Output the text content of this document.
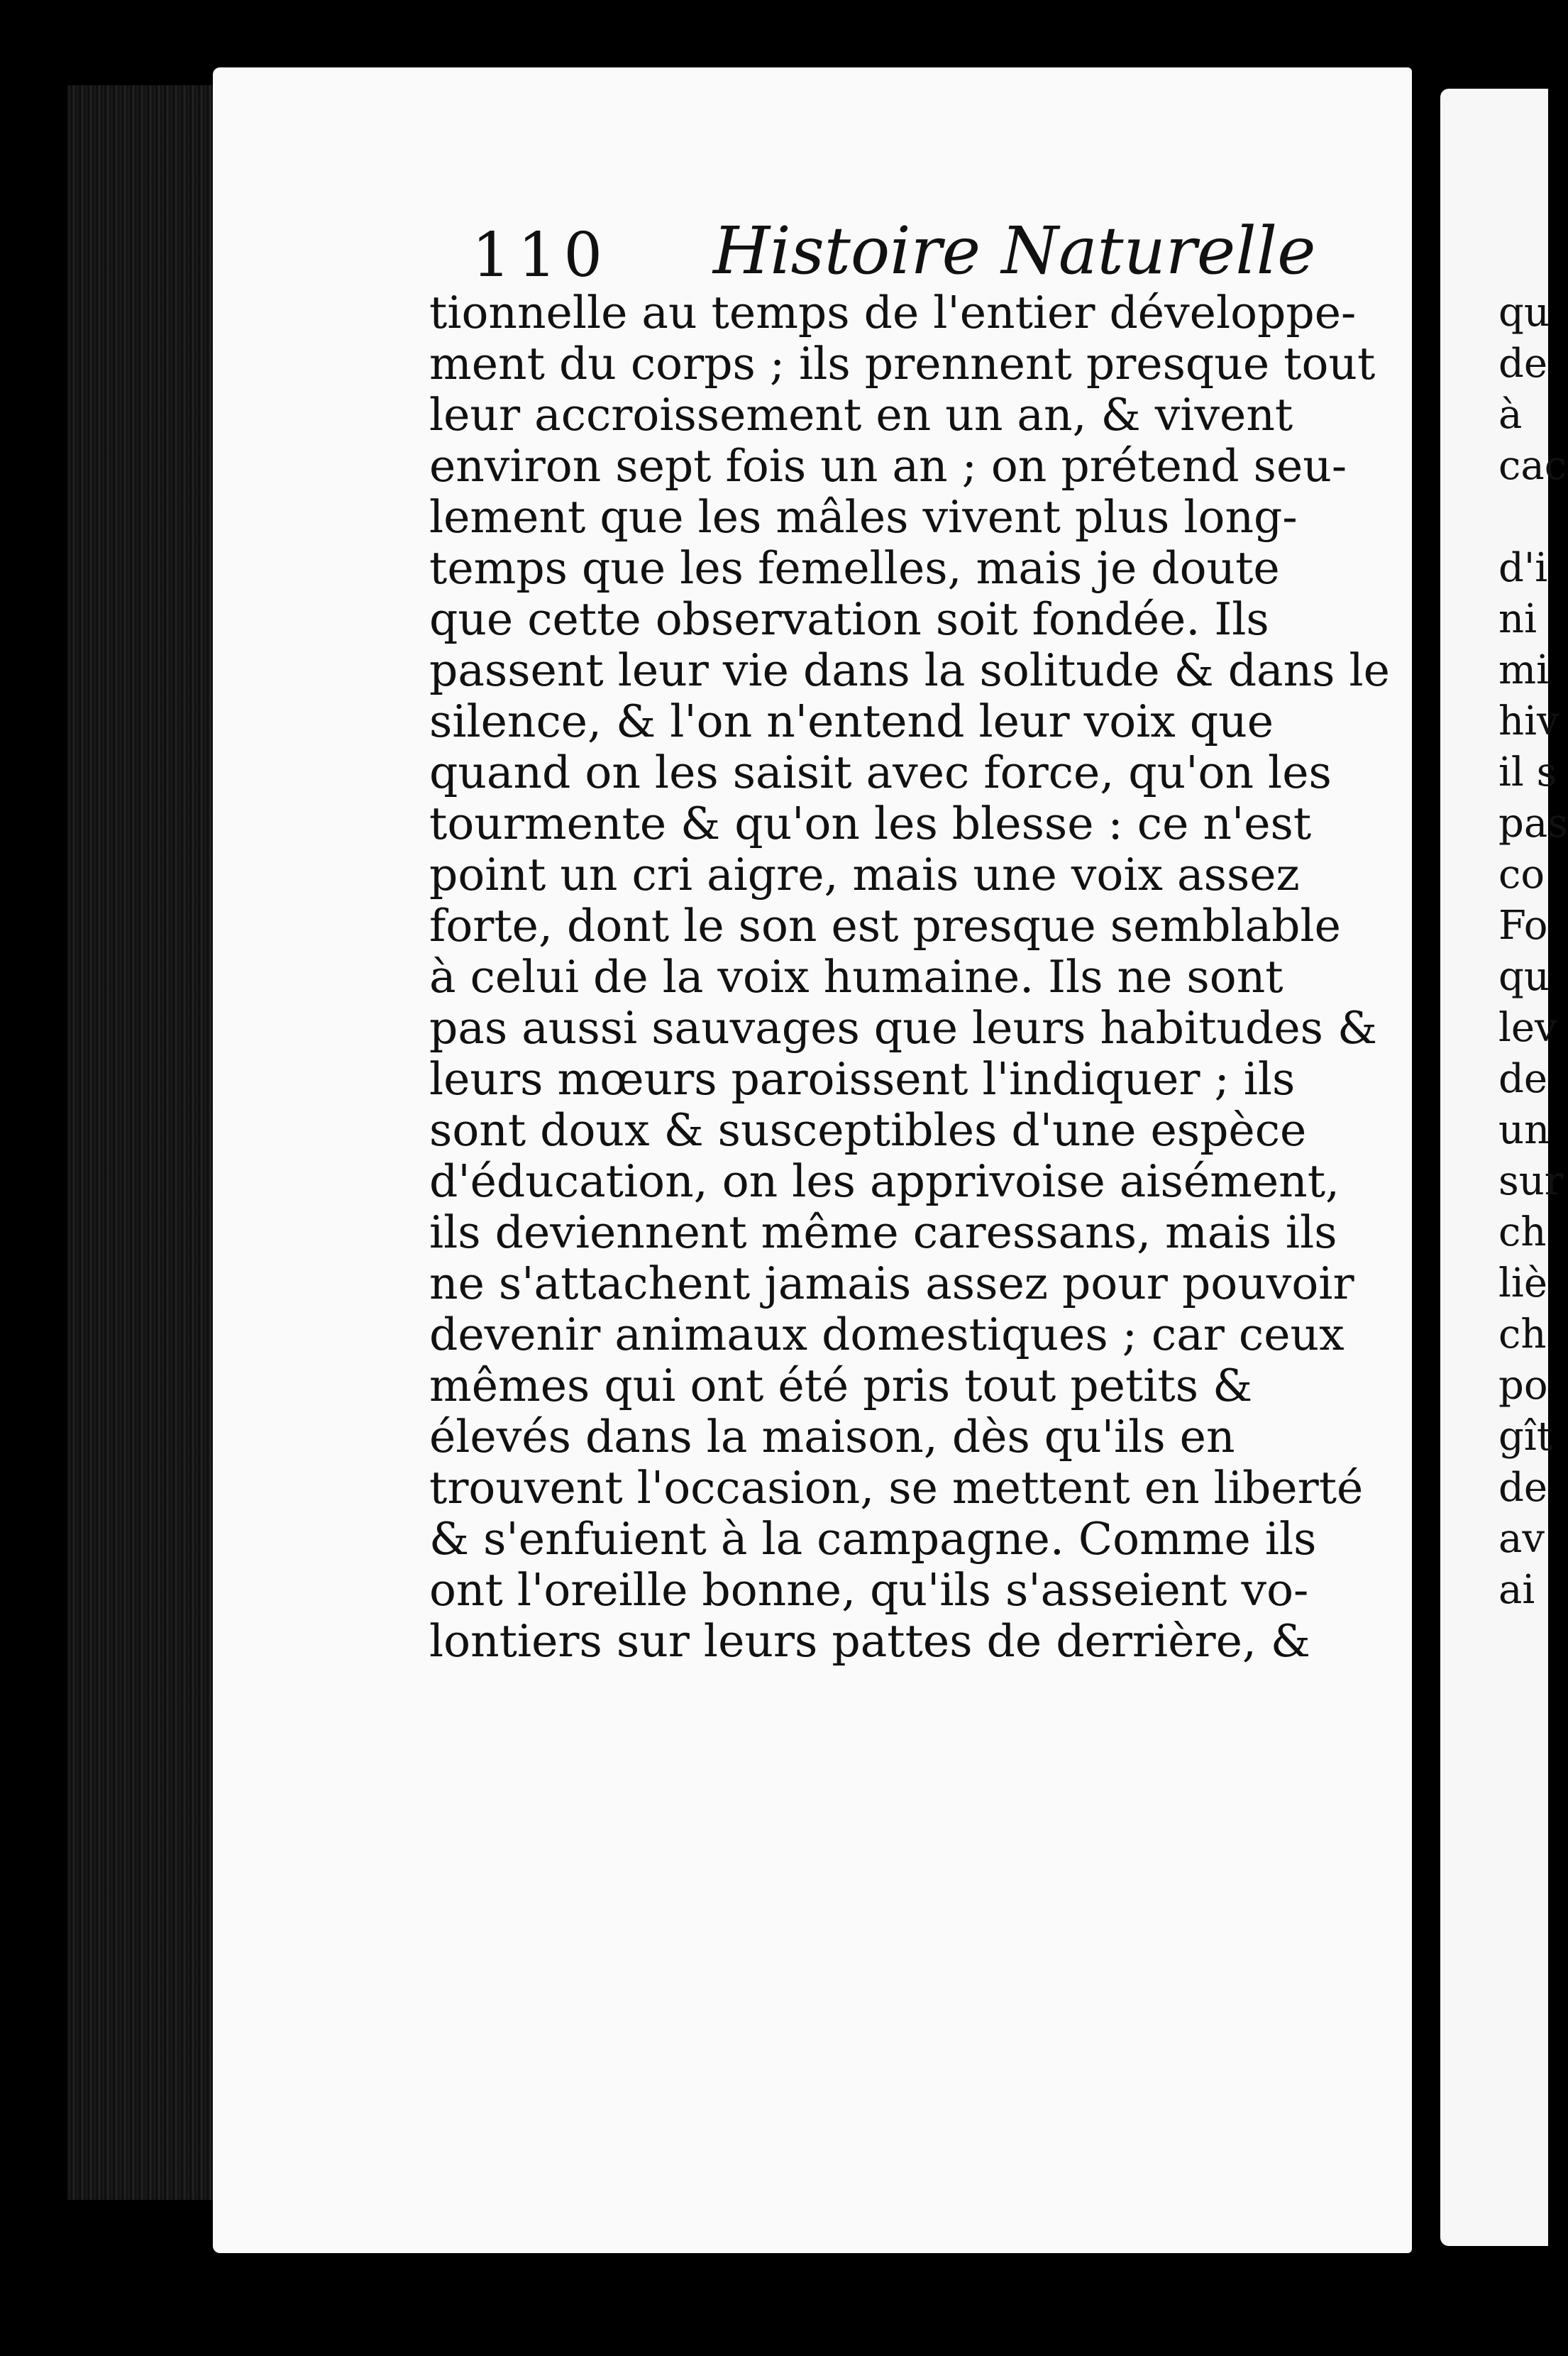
110 Histoire Naturelle
tionnelle au temps de l'entier développe-
ment du corps ; ils prennent presque tout
leur accroissement en un an, & vivent
environ sept fois un an ; on prétend seu-
lement que les mâles vivent plus long-
temps que les femelles, mais je doute
que cette observation soit fondée. Ils
passent leur vie dans la solitude & dans le
silence, & l'on n'entend leur voix que
quand on les saisit avec force, qu'on les
tourmente & qu'on les blesse : ce n'est
point un cri aigre, mais une voix assez
forte, dont le son est presque semblable
à celui de la voix humaine. Ils ne sont
pas aussi sauvages que leurs habitudes &
leurs mœurs paroissent l'indiquer ; ils
sont doux & susceptibles d'une espèce
d'éducation, on les apprivoise aisément,
ils deviennent même caressans, mais ils
ne s'attachent jamais assez pour pouvoir
devenir animaux domestiques ; car ceux
mêmes qui ont été pris tout petits &
élevés dans la maison, dès qu'ils en
trouvent l'occasion, se mettent en liberté
& s'enfuient à la campagne. Comme ils
ont l'oreille bonne, qu'ils s'asseient vo-
lontiers sur leurs pattes de derrière, &
qu
de
à
cac
d'i
ni
mi
hiv
il s
pas
co
Fo
qu
lev
de
un
sur
ch
liè
ch
po
gît
de
av
ai
